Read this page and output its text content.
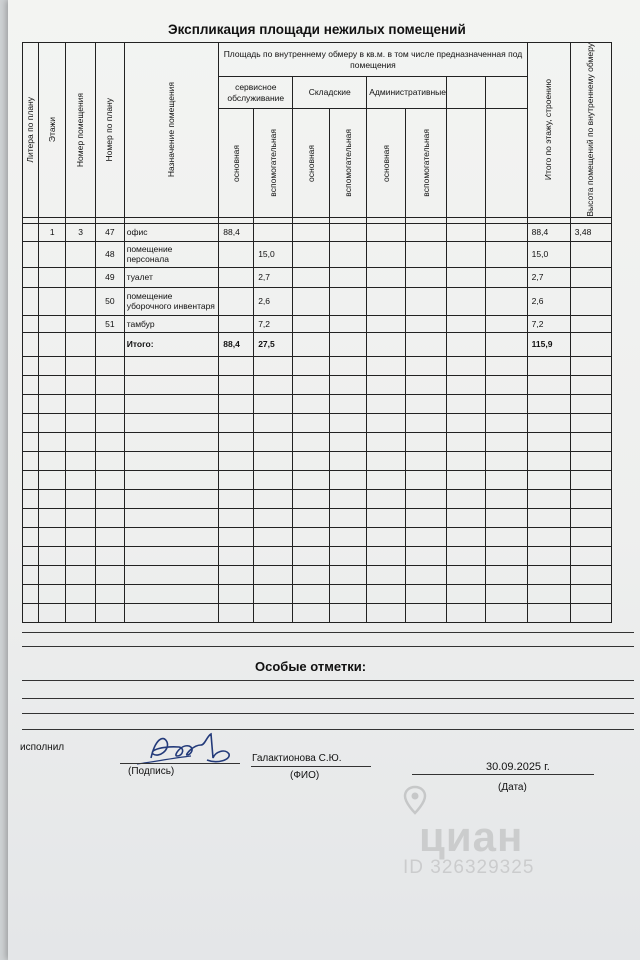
Экспликация площади нежилых помещений
Литера по плану	Этажи	Номер помещения	Номер по плану	Назначение помещения	Площадь по внутреннему обмеру в кв.м. в том числе предназначенная под помещения								Итого по этажу, строению	Высота помещений по внутреннему обмеру

					сервисное обслуживание		Складские		Административные					

					основная	вспомогательная	основная	вспомогательная	основная	вспомогательная				

	1	3	47	офис	88,4								88,4	3,48
			48	помещение персонала		15,0							15,0	
			49	туалет		2,7							2,7	
			50	помещение уборочного инвентаря		2,6							2,6	
			51	тамбур		7,2							7,2	
				Итого:	88,4	27,5							115,9	

Особые отметки:
исполнил
(Подпись)
Галактионова С.Ю.
(ФИО)
30.09.2025 г.
(Дата)
циан
ID 326329325
